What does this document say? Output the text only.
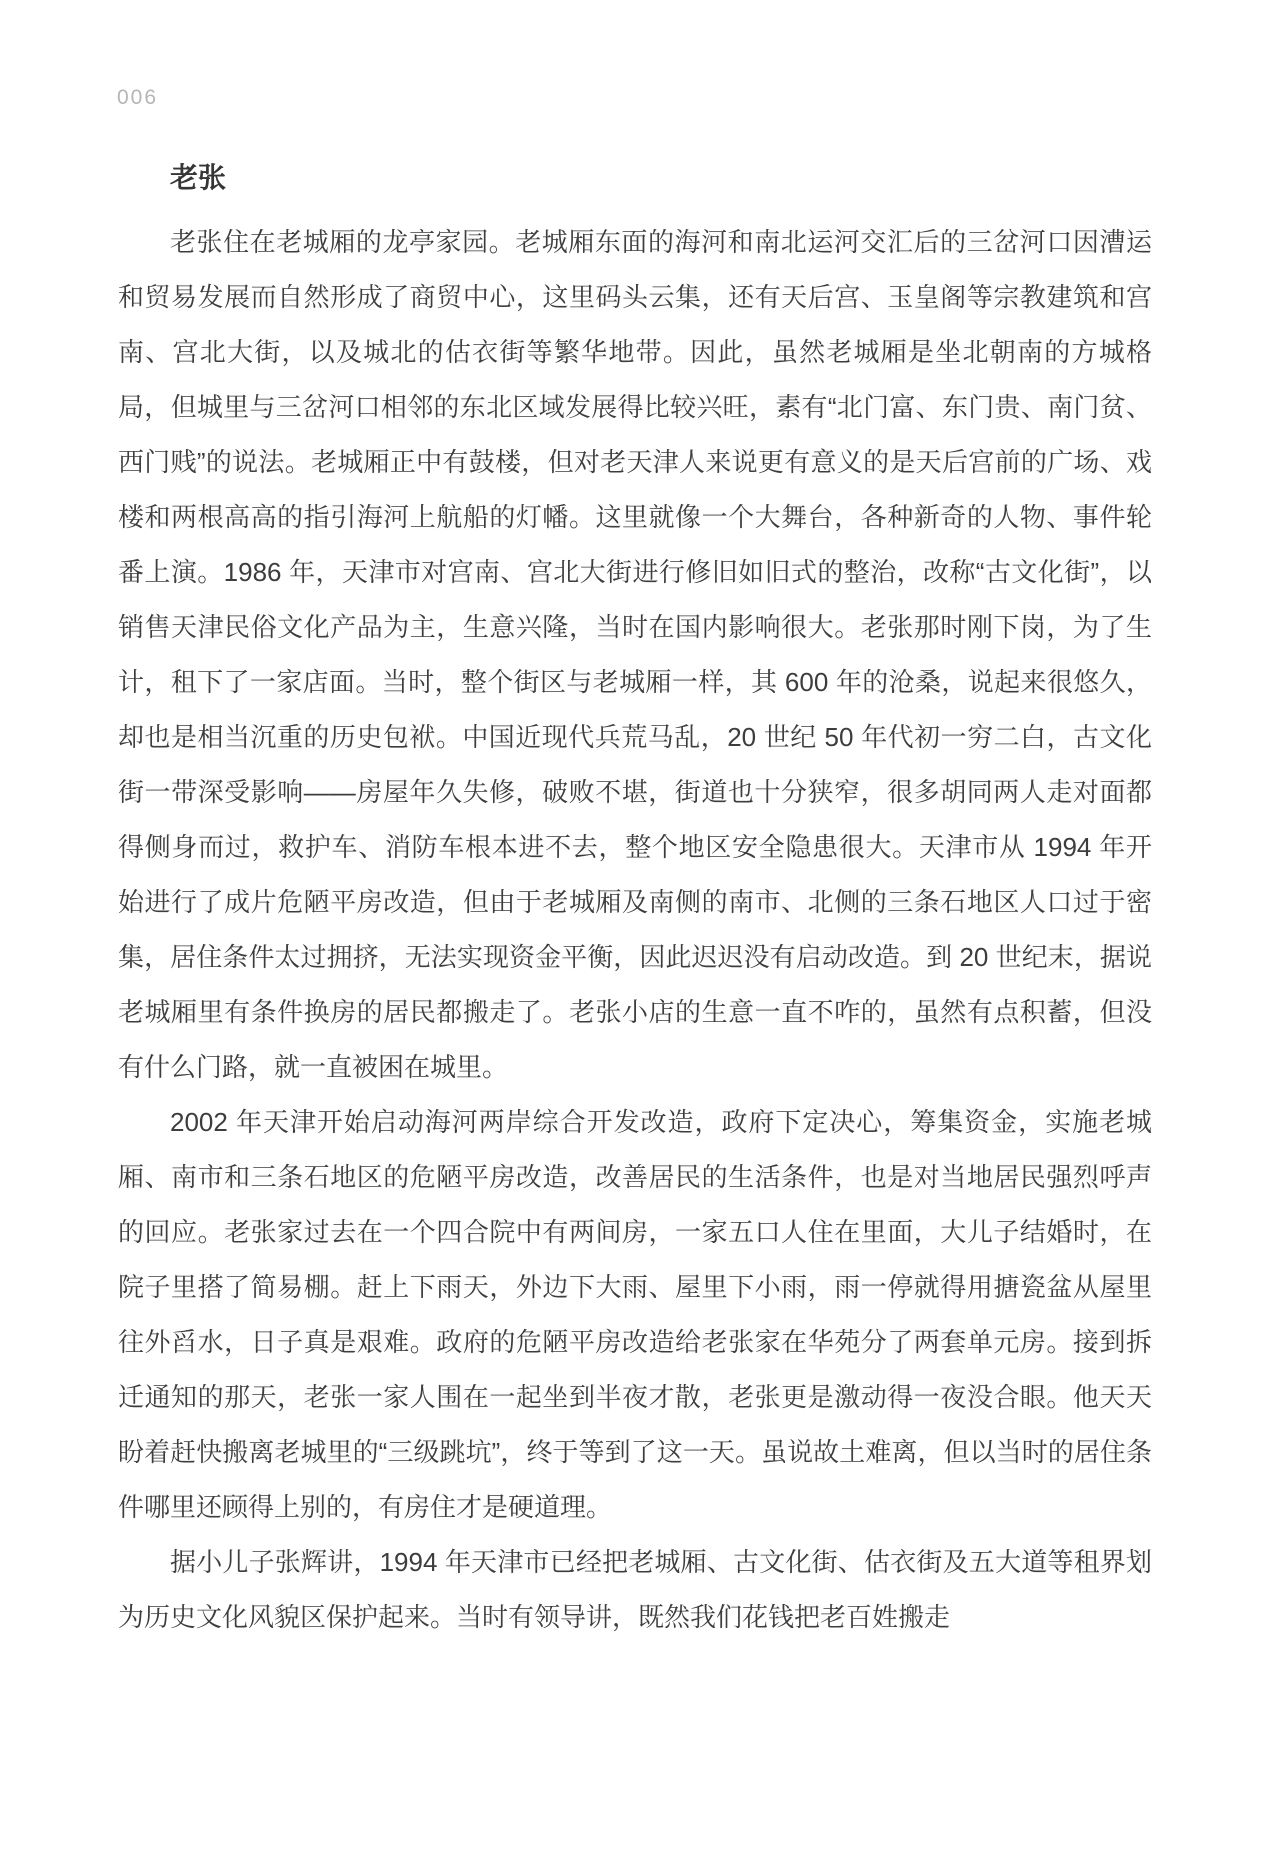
006
老张

老张住在老城厢的龙亭家园。老城厢东面的海河和南北运河交汇后的三岔河口因漕运和贸易发展而自然形成了商贸中心，这里码头云集，还有天后宫、玉皇阁等宗教建筑和宫南、宫北大街，以及城北的估衣街等繁华地带。因此，虽然老城厢是坐北朝南的方城格局，但城里与三岔河口相邻的东北区域发展得比较兴旺，素有“北门富、东门贵、南门贫、西门贱”的说法。老城厢正中有鼓楼，但对老天津人来说更有意义的是天后宫前的广场、戏楼和两根高高的指引海河上航船的灯幡。这里就像一个大舞台，各种新奇的人物、事件轮番上演。1986 年，天津市对宫南、宫北大街进行修旧如旧式的整治，改称“古文化街”，以销售天津民俗文化产品为主，生意兴隆，当时在国内影响很大。老张那时刚下岗，为了生计，租下了一家店面。当时，整个街区与老城厢一样，其 600 年的沧桑，说起来很悠久，却也是相当沉重的历史包袱。中国近现代兵荒马乱，20 世纪 50 年代初一穷二白，古文化街一带深受影响——房屋年久失修，破败不堪，街道也十分狭窄，很多胡同两人走对面都得侧身而过，救护车、消防车根本进不去，整个地区安全隐患很大。天津市从 1994 年开始进行了成片危陋平房改造，但由于老城厢及南侧的南市、北侧的三条石地区人口过于密集，居住条件太过拥挤，无法实现资金平衡，因此迟迟没有启动改造。到 20 世纪末，据说老城厢里有条件换房的居民都搬走了。老张小店的生意一直不咋的，虽然有点积蓄，但没有什么门路，就一直被困在城里。

2002 年天津开始启动海河两岸综合开发改造，政府下定决心，筹集资金，实施老城厢、南市和三条石地区的危陋平房改造，改善居民的生活条件，也是对当地居民强烈呼声的回应。老张家过去在一个四合院中有两间房，一家五口人住在里面，大儿子结婚时，在院子里搭了简易棚。赶上下雨天，外边下大雨、屋里下小雨，雨一停就得用搪瓷盆从屋里往外舀水，日子真是艰难。政府的危陋平房改造给老张家在华苑分了两套单元房。接到拆迁通知的那天，老张一家人围在一起坐到半夜才散，老张更是激动得一夜没合眼。他天天盼着赶快搬离老城里的“三级跳坑”，终于等到了这一天。虽说故土难离，但以当时的居住条件哪里还顾得上别的，有房住才是硬道理。

据小儿子张辉讲，1994 年天津市已经把老城厢、古文化街、估衣街及五大道等租界划为历史文化风貌区保护起来。当时有领导讲，既然我们花钱把老百姓搬走
